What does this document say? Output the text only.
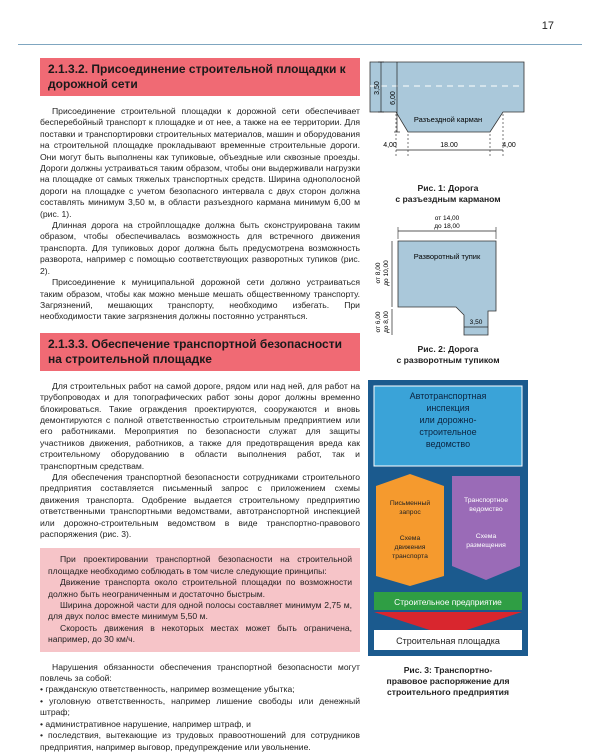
17
2.1.3.2. Присоединение строительной площадки к дорожной сети

Присоединение строительной площадки к дорожной сети обеспечивает бесперебойный транспорт к площадке и от нее, а также на ее территории. Для поставки и транспортировки строительных материалов, машин и оборудования на строительной площадке прокладывают временные строительные дороги. Они могут быть выполнены как тупиковые, объездные или сквозные проезды. Дороги должны устраиваться таким образом, чтобы они выдерживали нагрузки на площадке от самых тяжелых транспортных средств. Ширина однополосной дороги на площадке с учетом безопасного интервала с двух сторон должна составлять минимум 3,50 м, в области разъездного кармана минимум 6,00 м (рис. 1).

Длинная дорога на стройплощадке должна быть сконструирована таким образом, чтобы обеспечивалась возможность для встречного движения транспорта. Для тупиковых дорог должна быть предусмотрена возможность разворота, например с помощью соответствующих разворотных тупиков (рис. 2).

Присоединение к муниципальной дорожной сети должно устраиваться таким образом, чтобы как можно меньше мешать общественному транспорту. Загрязнений, мешающих транспорту, необходимо избегать. При необходимости такие загрязнения должны постоянно устраняться.

2.1.3.3. Обеспечение транспортной безопасности на строительной площадке

Для строительных работ на самой дороге, рядом или над ней, для работ на трубопроводах и для топографических работ зоны дорог должны временно блокироваться. Такие ограждения проектируются, сооружаются и вновь демонтируются с полной ответственностью строительным предприятием или его работниками. Мероприятия по безопасности служат для защиты участников движения, работников, а также для предотвращения вреда как строительному оборудованию в области выполнения работ, так и транспортным средствам.

Для обеспечения транспортной безопасности сотрудниками строительного предприятия составляется письменный запрос с приложением схемы движения транспорта. Одобрение выдается строительному предприятию ответственными транспортными ведомствами, автотранспортной инспекцией или дорожно-строительным ведомством в виде транспортно-правового распоряжения (рис. 3).

При проектировании транспортной безопасности на строительной площадке необходимо соблюдать в том числе следующие принципы:

Движение транспорта около строительной площадки по возможности должно быть неограниченным и достаточно быстрым.

Ширина дорожной части для одной полосы составляет минимум 2,75 м, для двух полос вместе минимум 5,50 м.

Скорость движения в некоторых местах может быть ограничена, например, до 30 км/ч.

Нарушения обязанности обеспечения транспортной безопасности могут повлечь за собой:

• гражданскую ответственность, например возмещение убытка;

• уголовную ответственность, например лишение свободы или денежный штраф;

• административное нарушение, например штраф, и

• последствия, вытекающие из трудовых правоотношений для сотрудников предприятия, например выговор, предупреждение или увольнение.

3,50
6,00
Разъездной карман
4,00	18.00	4,00
Рис. 1: Дорога
с разъездным карманом
от 14,00
до 18,00
Разворотный тупик
от 8,00 до 10,00
от 6,00 до 8,00	3,50
Рис. 2: Дорога
с разворотным тупиком
Автотранспортная
инспекция
или дорожно-
строительное
ведомство
Письменный
запрос
Схема
движения
транспорта
Транспортное
ведомство
Схема
размещения
Строительное предприятие
Строительная площадка
Рис. 3: Транспортно-
правовое распоряжение для
строительного предприятия
